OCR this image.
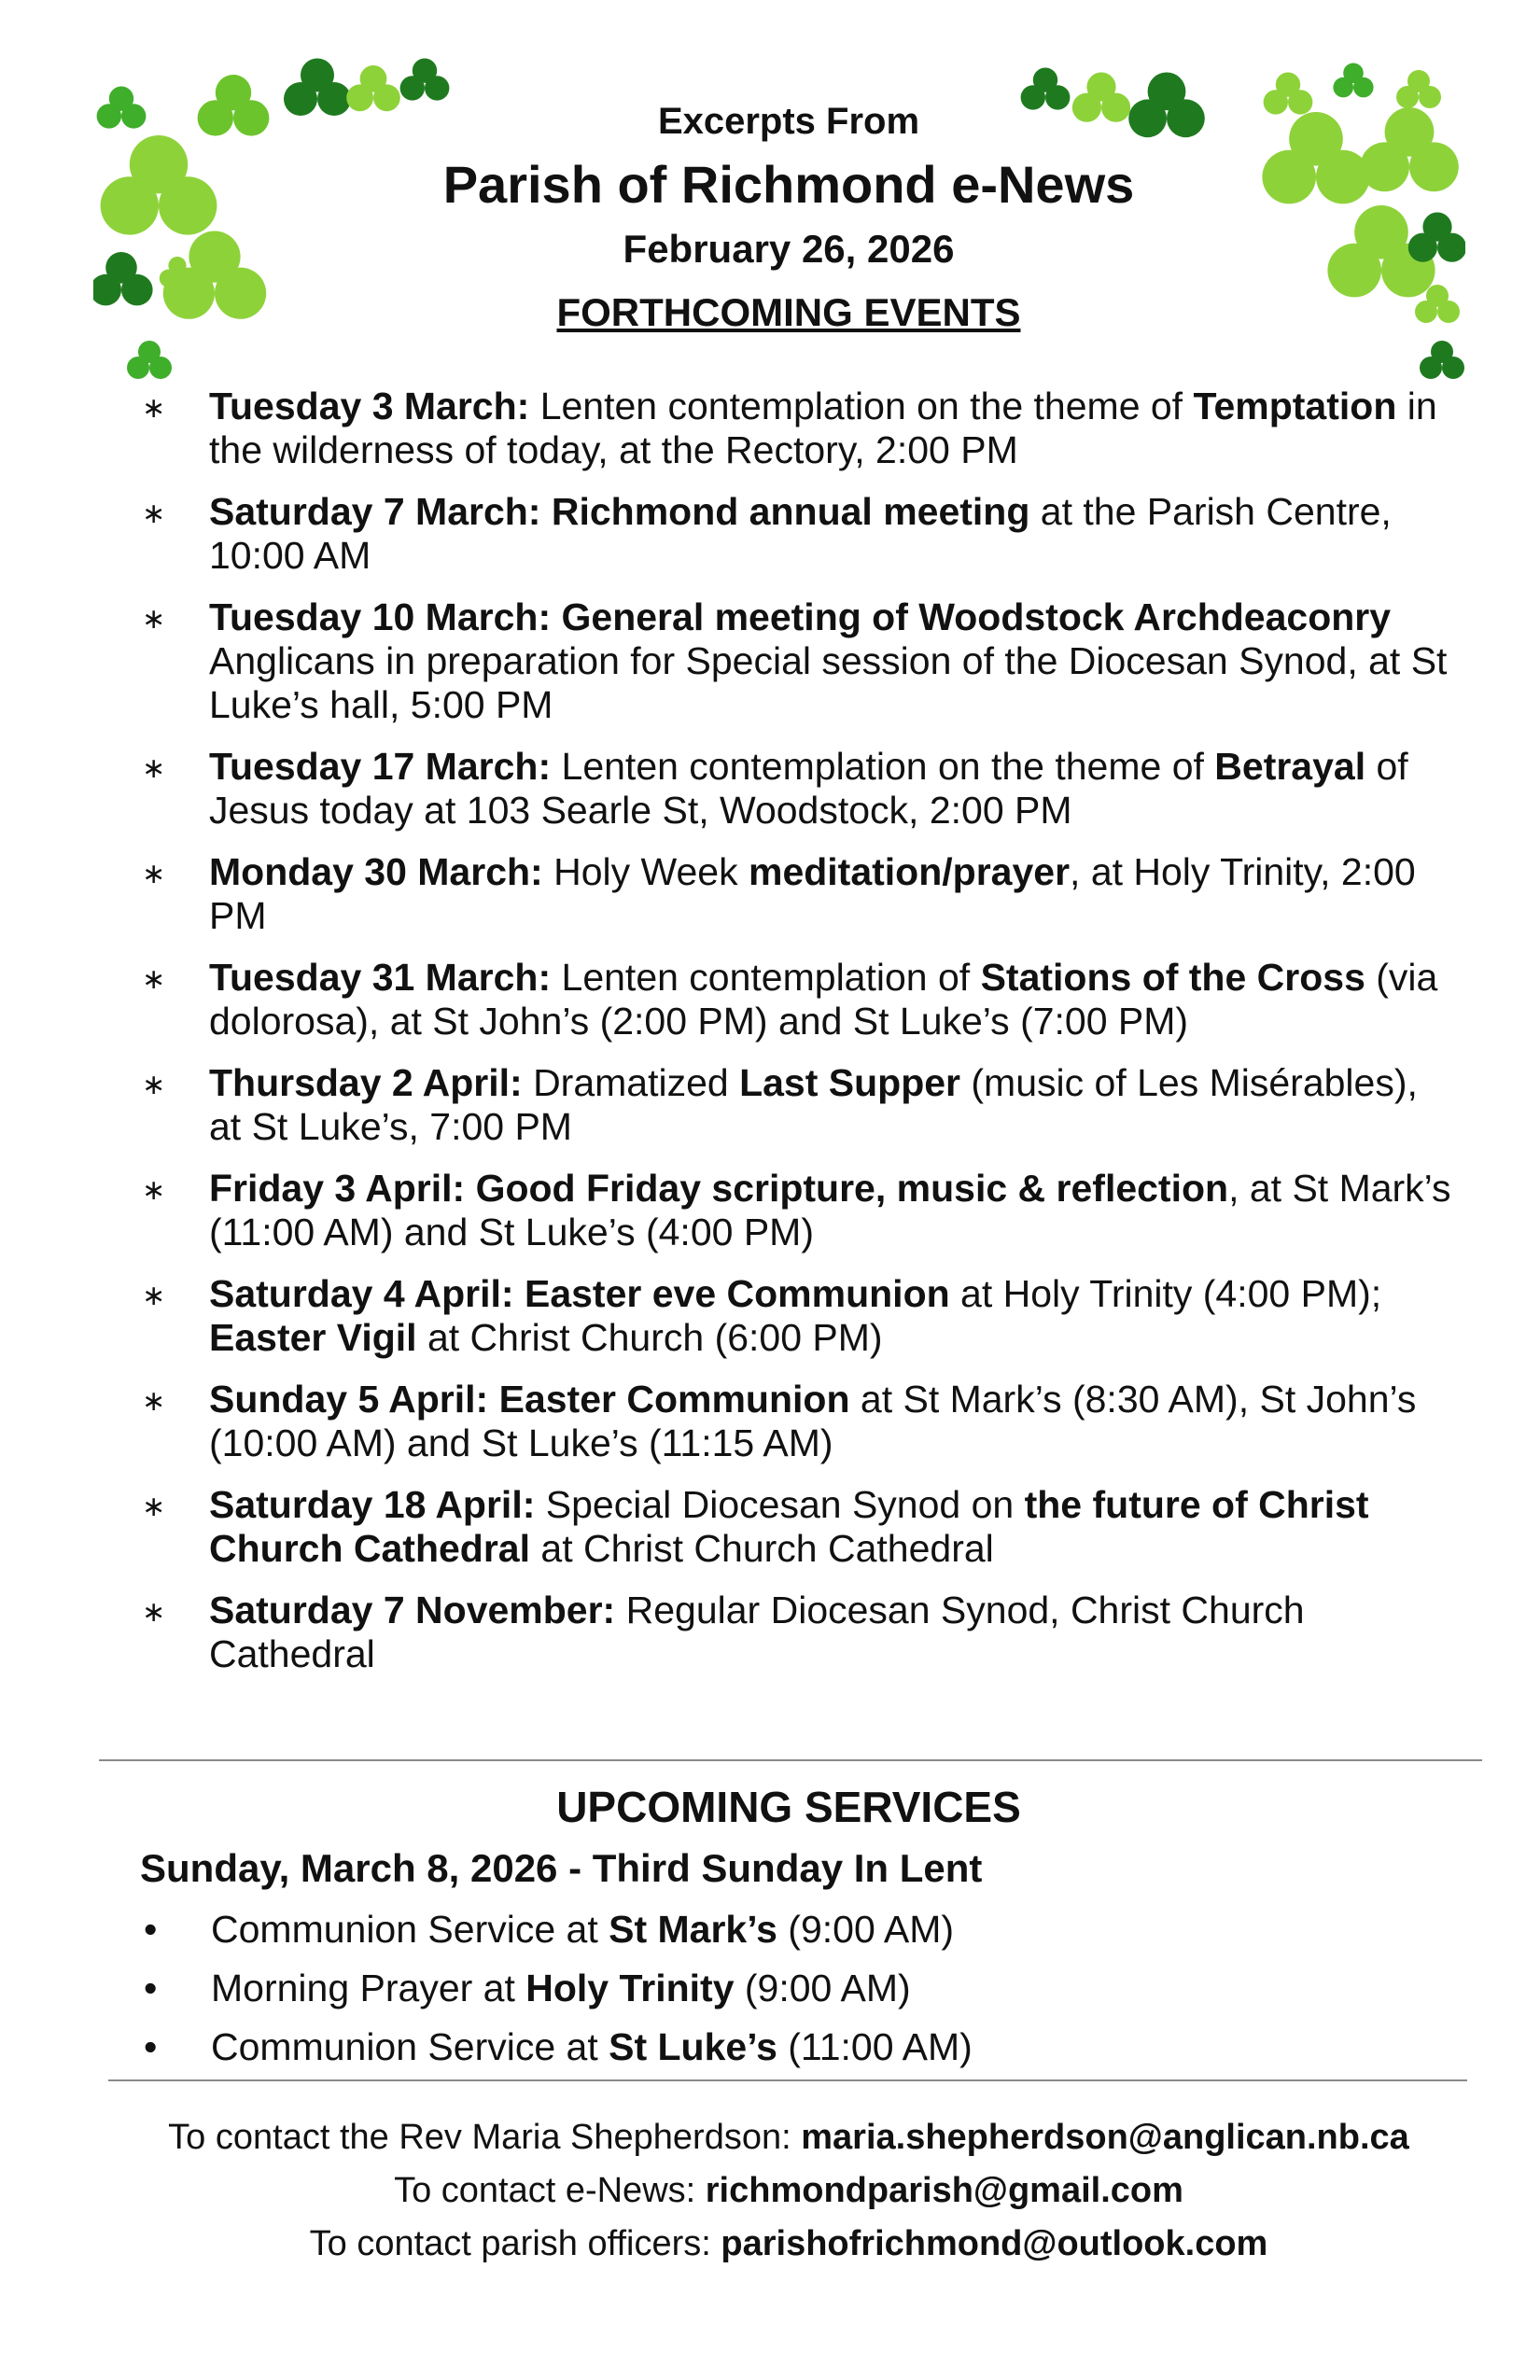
Excerpts From
Parish of Richmond e-News
February 26, 2026
FORTHCOMING EVENTS
∗ Tuesday 3 March: Lenten contemplation on the theme of Temptation in the wilderness of today, at the Rectory, 2:00 PM
∗ Saturday 7 March: Richmond annual meeting at the Parish Centre, 10:00 AM
∗ Tuesday 10 March: General meeting of Woodstock Archdeaconry Anglicans in preparation for Special session of the Diocesan Synod, at St Luke’s hall, 5:00 PM
∗ Tuesday 17 March: Lenten contemplation on the theme of Betrayal of Jesus today at 103 Searle St, Woodstock, 2:00 PM
∗ Monday 30 March: Holy Week meditation/prayer, at Holy Trinity, 2:00 PM
∗ Tuesday 31 March: Lenten contemplation of Stations of the Cross (via dolorosa), at St John’s (2:00 PM) and St Luke’s (7:00 PM)
∗ Thursday 2 April: Dramatized Last Supper (music of Les Misérables), at St Luke’s, 7:00 PM
∗ Friday 3 April: Good Friday scripture, music & reflection, at St Mark’s (11:00 AM) and St Luke’s (4:00 PM)
∗ Saturday 4 April: Easter eve Communion at Holy Trinity (4:00 PM); Easter Vigil at Christ Church (6:00 PM)
∗ Sunday 5 April: Easter Communion at St Mark’s (8:30 AM), St John’s (10:00 AM) and St Luke’s (11:15 AM)
∗ Saturday 18 April: Special Diocesan Synod on the future of Christ Church Cathedral at Christ Church Cathedral
∗ Saturday 7 November: Regular Diocesan Synod, Christ Church Cathedral
UPCOMING SERVICES
Sunday, March 8, 2026 - Third Sunday In Lent
• Communion Service at St Mark’s (9:00 AM)
• Morning Prayer at Holy Trinity (9:00 AM)
• Communion Service at St Luke’s (11:00 AM)
To contact the Rev Maria Shepherdson: maria.shepherdson@anglican.nb.ca
To contact e-News: richmondparish@gmail.com
To contact parish officers: parishofrichmond@outlook.com
